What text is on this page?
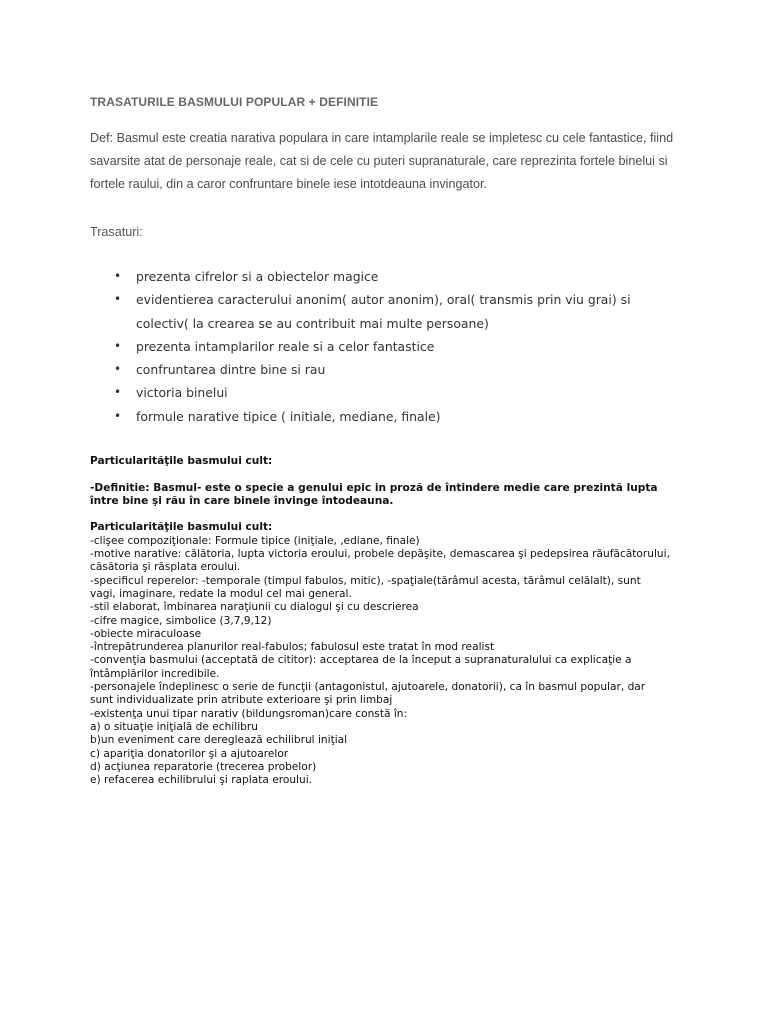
TRASATURILE BASMULUI POPULAR + DEFINITIE
Def: Basmul este creatia narativa populara in care intamplarile reale se impletesc cu cele fantastice, fiind
savarsite atat de personaje reale, cat si de cele cu puteri supranaturale, care reprezinta fortele binelui si
fortele raului, din a caror confruntare binele iese intotdeauna invingator.
Trasaturi:
• prezenta cifrelor si a obiectelor magice
• evidentierea caracterului anonim( autor anonim), oral( transmis prin viu grai) si
colectiv( la crearea se au contribuit mai multe persoane)
• prezenta intamplarilor reale si a celor fantastice
• confruntarea dintre bine si rau
• victoria binelui
• formule narative tipice ( initiale, mediane, finale)
Particularităţile basmului cult:
-Definitie: Basmul- este o specie a genului epic in proză de întindere medie care prezintă lupta
între bine şi rău în care binele învinge întodeauna.
Particularităţile basmului cult:
-clişee compoziţionale: Formule tipice (iniţiale, ,ediane, finale)
-motive narative: călătoria, lupta victoria eroului, probele depăşite, demascarea şi pedepsirea răufăcătorului,
căsătoria şi răsplata eroului.
-specificul reperelor: -temporale (timpul fabulos, mitic), -spaţiale(tărâmul acesta, tărâmul celălalt), sunt
vagi, imaginare, redate la modul cel mai general.
-stil elaborat, îmbinarea naraţiunii cu dialogul şi cu descrierea
-cifre magice, simbolice (3,7,9,12)
-obiecte miraculoase
-întrepătrunderea planurilor real-fabulos; fabulosul este tratat în mod realist
-convenţia basmului (acceptată de cititor): acceptarea de la început a supranaturalului ca explicaţie a
întâmplărilor incredibile.
-personajele îndeplinesc o serie de funcţii (antagonistul, ajutoarele, donatorii), ca în basmul popular, dar
sunt individualizate prin atribute exterioare şi prin limbaj
-existenţa unui tipar narativ (bildungsroman)care constă în:
a) o situaţie iniţială de echilibru
b)un eveniment care dereglează echilibrul iniţial
c) apariţia donatorilor şi a ajutoarelor
d) acţiunea reparatorie (trecerea probelor)
e) refacerea echilibrului şi raplata eroului.
